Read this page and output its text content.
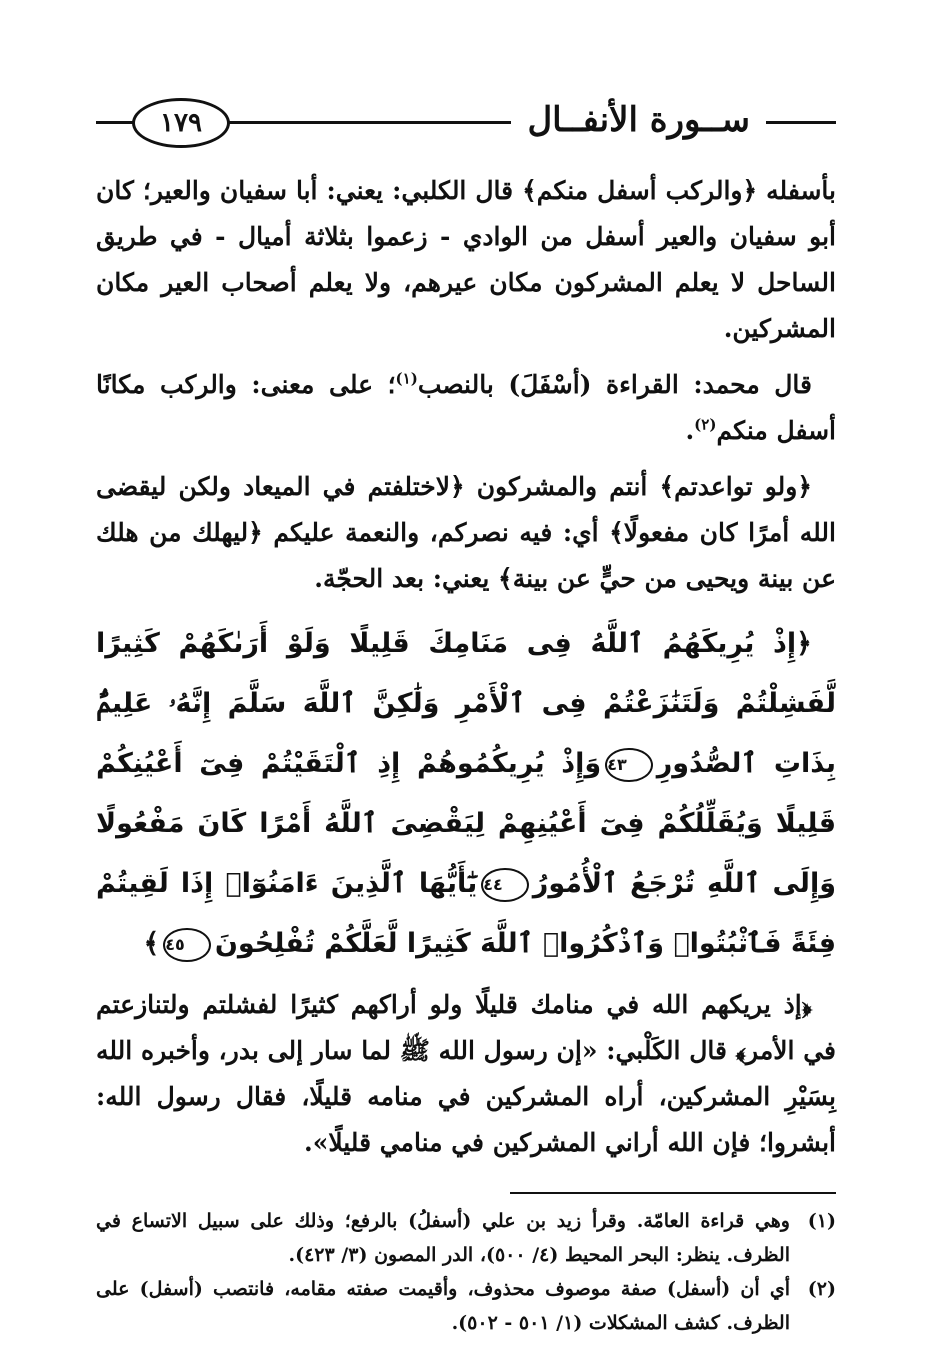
ســورة الأنفــال
١٧٩

بأسفله ﴿والركب أسفل منكم﴾ قال الكلبي: يعني: أبا سفيان والعير؛ كان أبو سفيان والعير أسفل من الوادي - زعموا بثلاثة أميال - في طريق الساحل لا يعلم المشركون مكان عيرهم، ولا يعلم أصحاب العير مكان المشركين.

قال محمد: القراءة (أسْفَلَ) بالنصب$^{(١)}$؛ على معنى: والركب مكانًا أسفل منكم$^{(٢)}$.

﴿ولو تواعدتم﴾ أنتم والمشركون ﴿لاختلفتم في الميعاد ولكن ليقضى الله أمرًا كان مفعولًا﴾ أي: فيه نصركم، والنعمة عليكم ﴿ليهلك من هلك عن بينة ويحيى من حيٍّ عن بينة﴾ يعني: بعد الحجّة.

﴿إِذْ يُرِيكَهُمُ ٱللَّهُ فِى مَنَامِكَ قَلِيلًا وَلَوْ أَرَىٰكَهُمْ كَثِيرًا لَّفَشِلْتُمْ وَلَتَنَٰزَعْتُمْ فِى ٱلْأَمْرِ وَلَٰكِنَّ ٱللَّهَ سَلَّمَ إِنَّهُۥ عَلِيمٌۢ بِذَاتِ ٱلصُّدُورِ٤٣وَإِذْ يُرِيكُمُوهُمْ إِذِ ٱلْتَقَيْتُمْ فِىٓ أَعْيُنِكُمْ قَلِيلًا وَيُقَلِّلُكُمْ فِىٓ أَعْيُنِهِمْ لِيَقْضِىَ ٱللَّهُ أَمْرًا كَانَ مَفْعُولًا وَإِلَى ٱللَّهِ تُرْجَعُ ٱلْأُمُورُ٤٤يَٰٓأَيُّهَا ٱلَّذِينَ ءَامَنُوٓا۟ إِذَا لَقِيتُمْ فِئَةً فَٱثْبُتُوا۟ وَٱذْكُرُوا۟ ٱللَّهَ كَثِيرًا لَّعَلَّكُمْ تُفْلِحُونَ٤٥﴾

﴿إذ يريكهم الله في منامك قليلًا ولو أراكهم كثيرًا لفشلتم ولتنازعتم في الأمر﴾ قال الكَلْبي: «إن رسول الله ﷺ لما سار إلى بدر، وأخبره الله بِسَيْرِ المشركين، أراه المشركين في منامه قليلًا، فقال رسول الله: أبشروا؛ فإن الله أراني المشركين في منامي قليلًا».

(١)
وهي قراءة العامّة. وقرأ زيد بن علي (أسفلُ) بالرفع؛ وذلك على سبيل الاتساع في الظرف. ينظر: البحر المحيط (٤/ ٥٠٠)، الدر المصون (٣/ ٤٢٣).
(٢)
أي أن (أسفل) صفة موصوف محذوف، وأقيمت صفته مقامه، فانتصب (أسفل) على الظرف. كشف المشكلات (١/ ٥٠١ - ٥٠٢).
